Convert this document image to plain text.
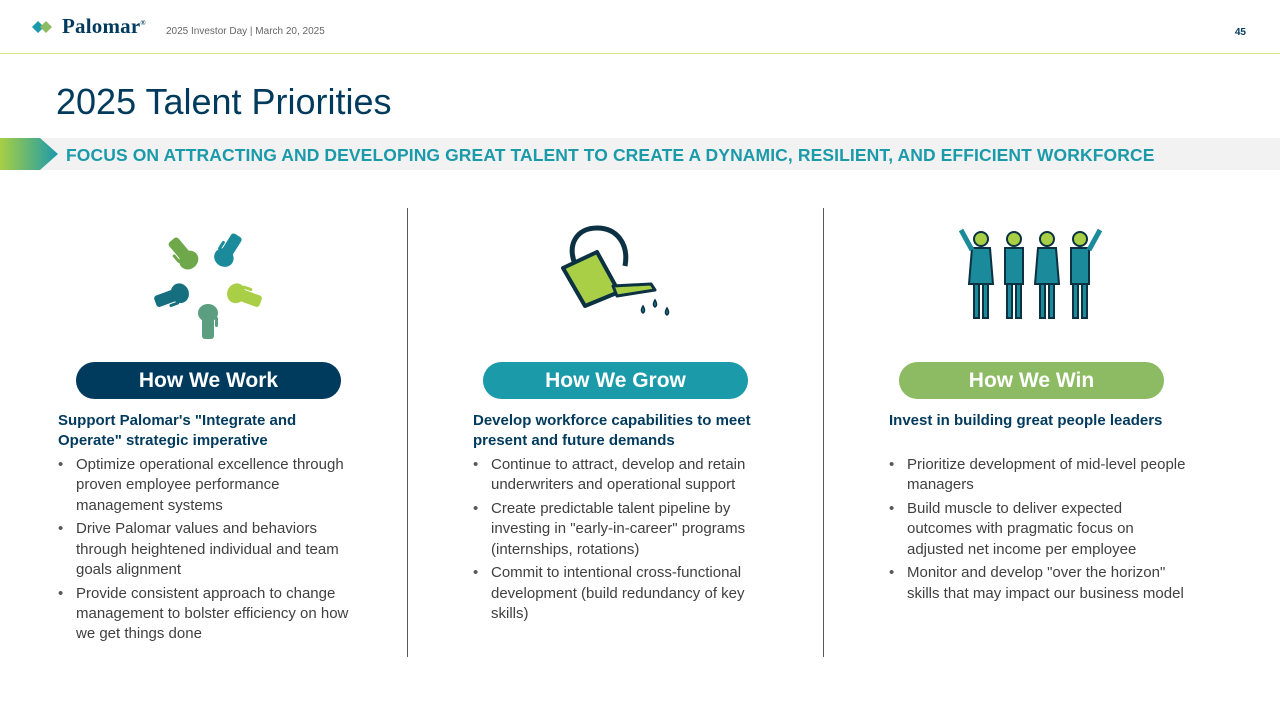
Palomar®
2025 Investor Day | March 20, 2025	45
2025 Talent Priorities
FOCUS ON ATTRACTING AND DEVELOPING GREAT TALENT TO CREATE A DYNAMIC, RESILIENT, AND EFFICIENT WORKFORCE
How We Work
Support Palomar's "Integrate and Operate" strategic imperative
• Optimize operational excellence through proven employee performance management systems
• Drive Palomar values and behaviors through heightened individual and team goals alignment
• Provide consistent approach to change management to bolster efficiency on how we get things done
How We Grow
Develop workforce capabilities to meet present and future demands
• Continue to attract, develop and retain underwriters and operational support
• Create predictable talent pipeline by investing in "early-in-career" programs (internships, rotations)
• Commit to intentional cross-functional development (build redundancy of key skills)
How We Win
Invest in building great people leaders
• Prioritize development of mid-level people managers
• Build muscle to deliver expected outcomes with pragmatic focus on adjusted net income per employee
• Monitor and develop "over the horizon" skills that may impact our business model
